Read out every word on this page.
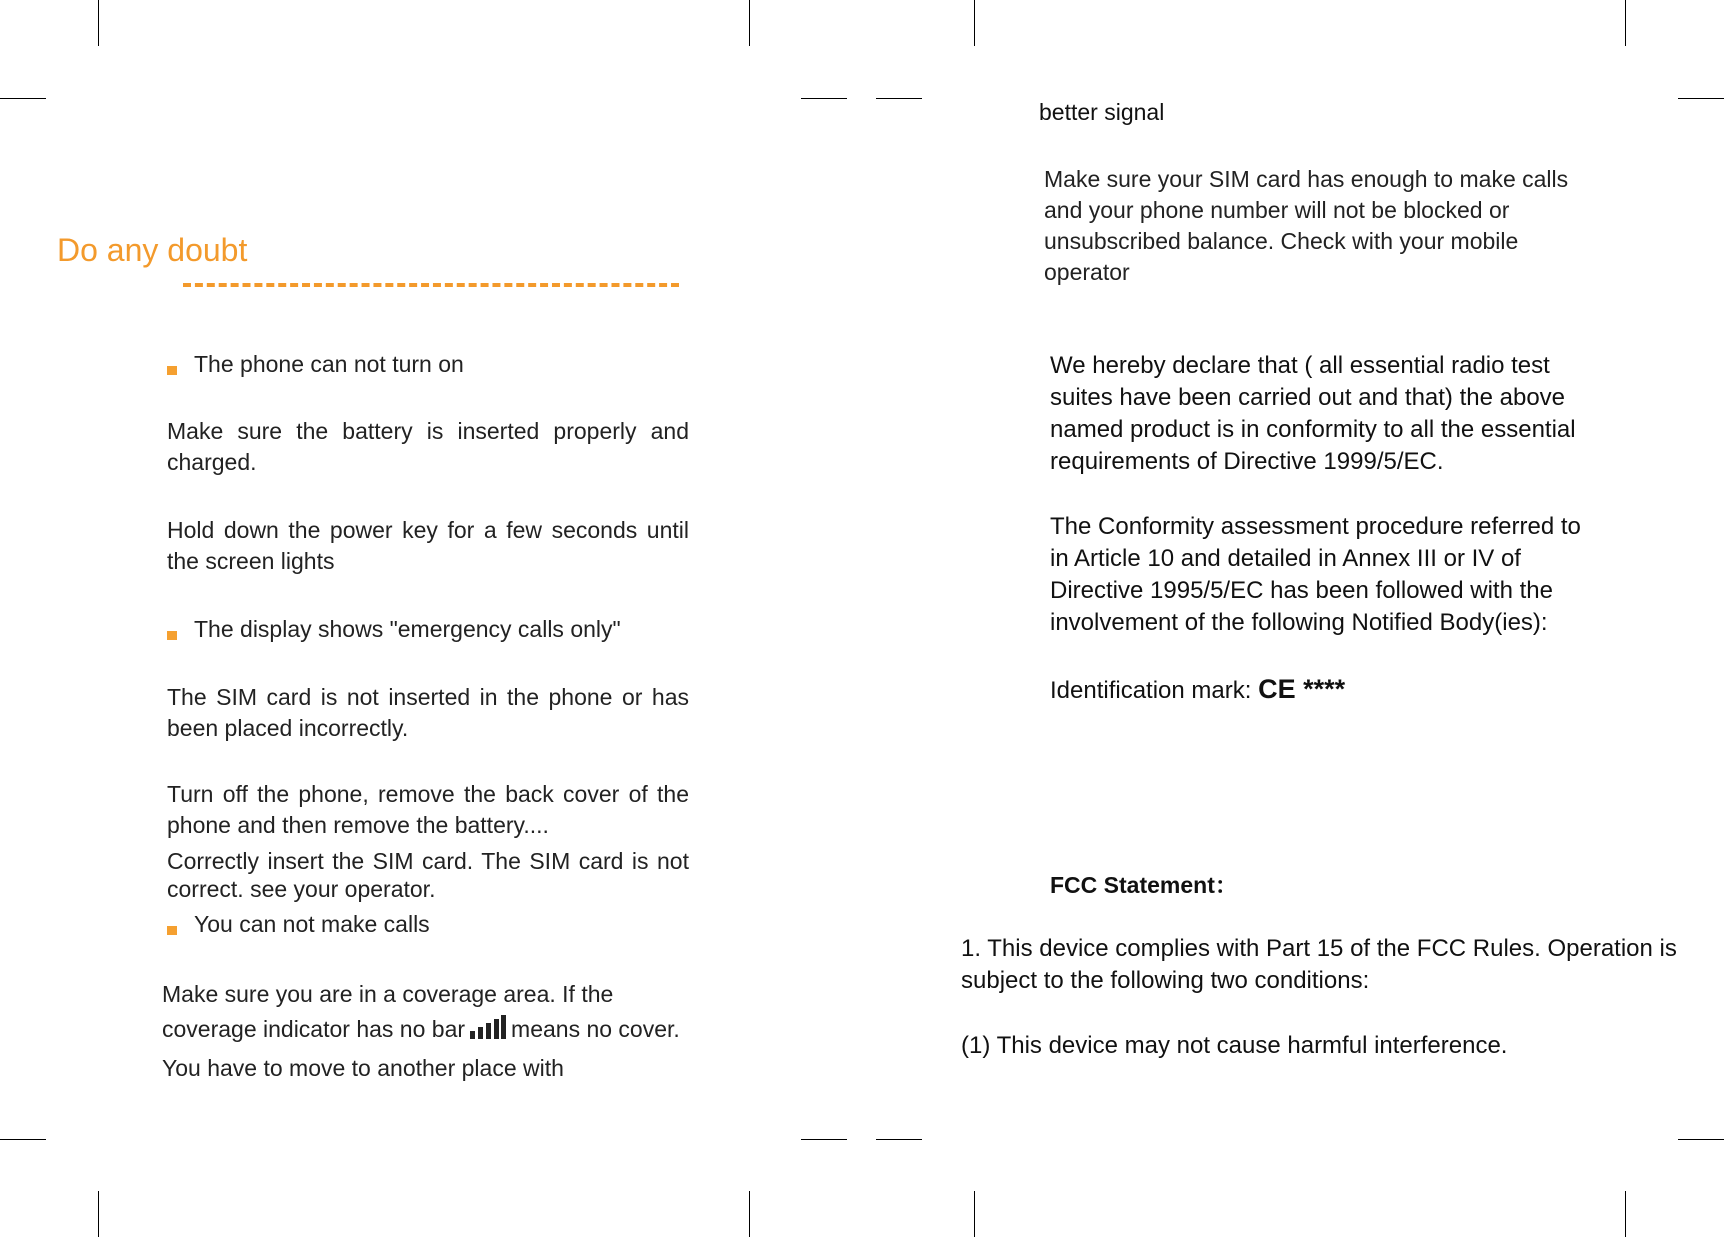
Do any doubt
The phone can not turn on
Make sure the battery is inserted properly and charged.
Hold down the power key for a few seconds until the screen lights
The display shows "emergency calls only"
The SIM card is not inserted in the phone or has been placed incorrectly.
Turn off the phone, remove the back cover of the phone and then remove the battery....
Correctly insert the SIM card. The SIM card is not correct. see your operator.
You can not make calls
Make sure you are in a coverage area. If the coverage indicator has no bar means no cover. You have to move to another place with
better signal
Make sure your SIM card has enough to make calls and your phone number will not be blocked or unsubscribed balance. Check with your mobile operator
We hereby declare that ( all essential radio test suites have been carried out and that) the above named product is in conformity to all the essential requirements of Directive 1999/5/EC.
The Conformity assessment procedure referred to in Article 10 and detailed in Annex III or IV of Directive 1995/5/EC has been followed with the involvement of the following Notified Body(ies):
Identification mark: CE ****
FCC Statement：
1. This device complies with Part 15 of the FCC Rules. Operation is subject to the following two conditions:
(1) This device may not cause harmful interference.
